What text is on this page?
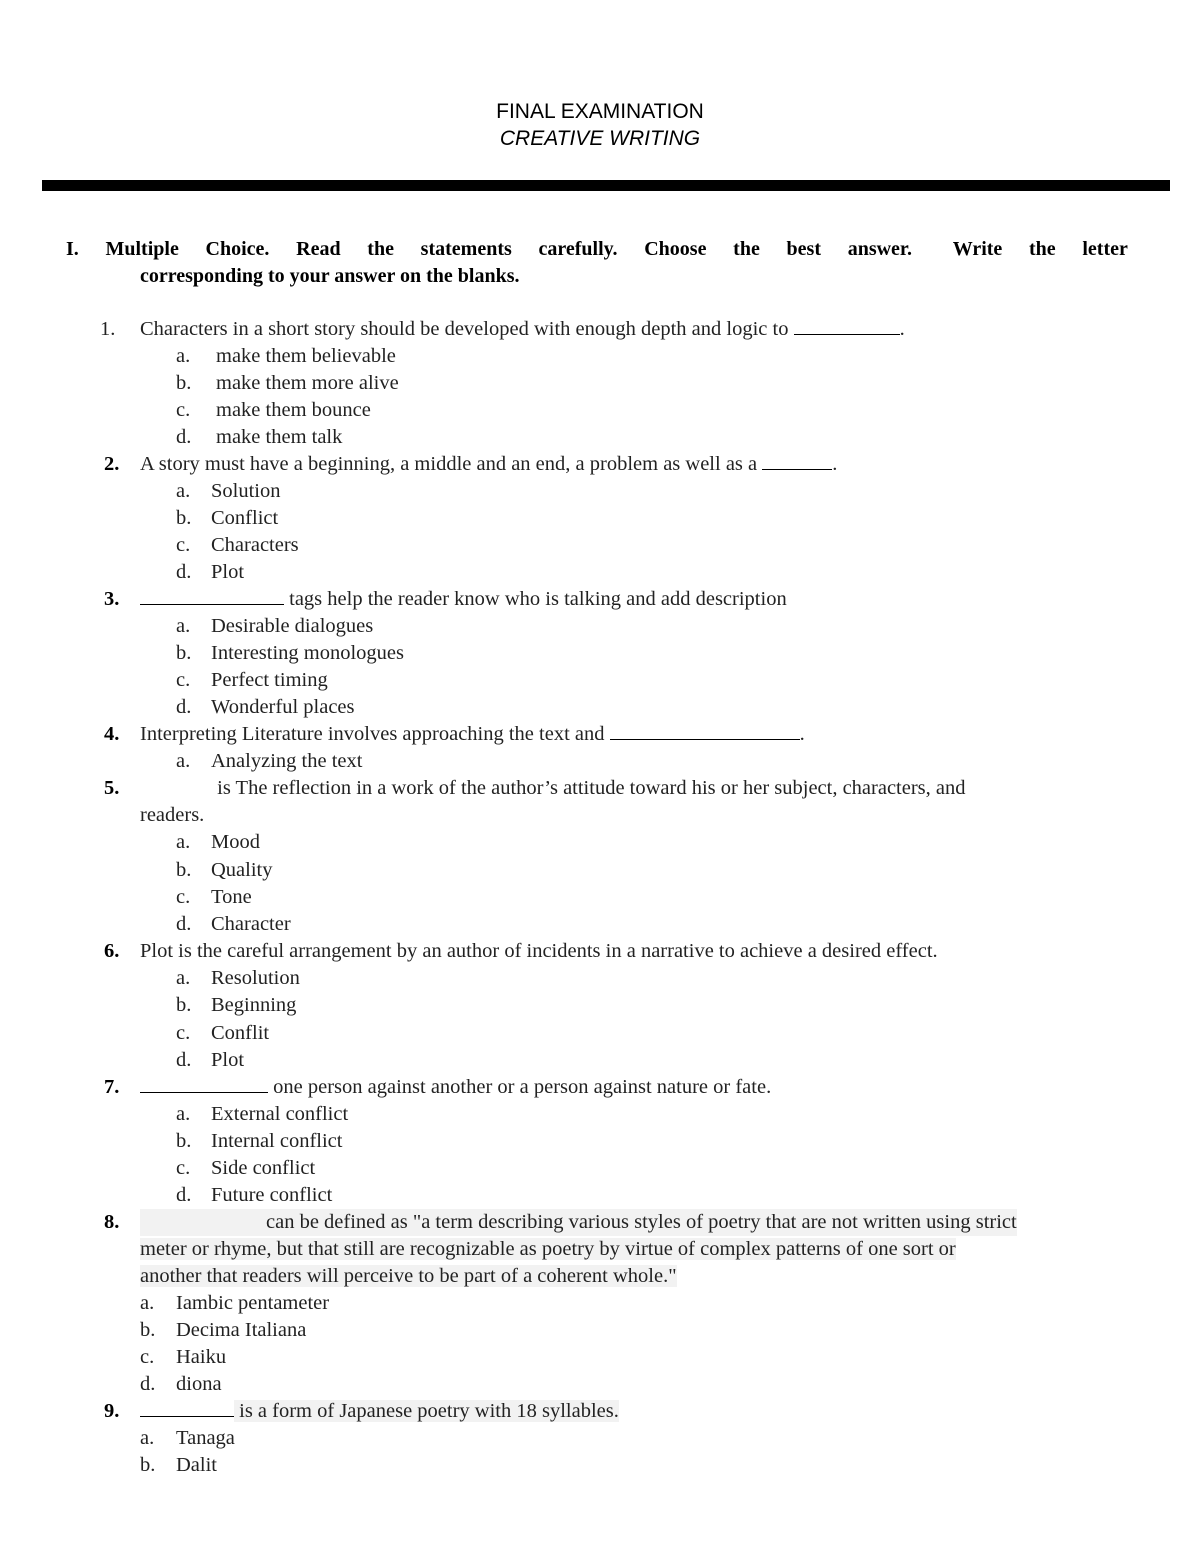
FINAL EXAMINATION
CREATIVE WRITING
I. Multiple Choice. Read the statements carefully. Choose the best answer. Write the letter
corresponding to your answer on the blanks.
1. Characters in a short story should be developed with enough depth and logic to	.
a. make them believable
b. make them more alive
c. make them bounce
d. make them talk
2. A story must have a beginning, a middle and an end, a problem as well as a	.
a. Solution
b. Conflict
c. Characters
d. Plot
3.	tags help the reader know who is talking and add description
a. Desirable dialogues
b. Interesting monologues
c. Perfect timing
d. Wonderful places
4. Interpreting Literature involves approaching the text and	.
a. Analyzing the text
5.	is The reflection in a work of the author’s attitude toward his or her subject, characters, and
readers.
a. Mood
b. Quality
c. Tone
d. Character
6. Plot is the careful arrangement by an author of incidents in a narrative to achieve a desired effect.
a. Resolution
b. Beginning
c. Conflit
d. Plot
7.	one person against another or a person against nature or fate.
a. External conflict
b. Internal conflict
c. Side conflict
d. Future conflict
8.	can be defined as "a term describing various styles of poetry that are not written using strict
meter or rhyme, but that still are recognizable as poetry by virtue of complex patterns of one sort or
another that readers will perceive to be part of a coherent whole."
a. Iambic pentameter
b. Decima Italiana
c. Haiku
d. diona
9.	is a form of Japanese poetry with 18 syllables.
a. Tanaga
b. Dalit
